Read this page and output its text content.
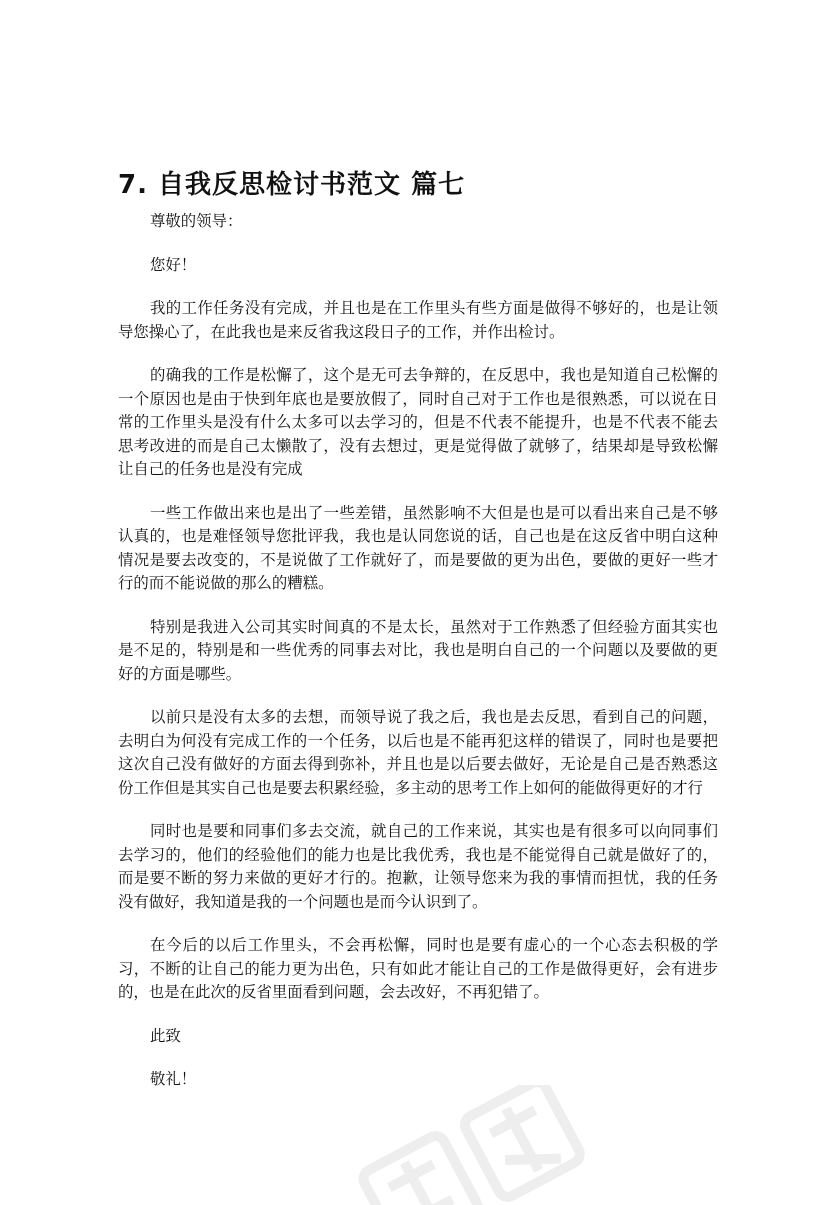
7. 自我反思检讨书范文 篇七

尊敬的领导：

您好！

我的工作任务没有完成，并且也是在工作里头有些方面是做得不够好的，也是让领导您操心了，在此我也是来反省我这段日子的工作，并作出检讨。

的确我的工作是松懈了，这个是无可去争辩的，在反思中，我也是知道自己松懈的一个原因也是由于快到年底也是要放假了，同时自己对于工作也是很熟悉，可以说在日常的工作里头是没有什么太多可以去学习的，但是不代表不能提升，也是不代表不能去思考改进的而是自己太懒散了，没有去想过，更是觉得做了就够了，结果却是导致松懈让自己的任务也是没有完成

一些工作做出来也是出了一些差错，虽然影响不大但是也是可以看出来自己是不够认真的，也是难怪领导您批评我，我也是认同您说的话，自己也是在这反省中明白这种情况是要去改变的，不是说做了工作就好了，而是要做的更为出色，要做的更好一些才行的而不能说做的那么的糟糕。

特别是我进入公司其实时间真的不是太长，虽然对于工作熟悉了但经验方面其实也是不足的，特别是和一些优秀的同事去对比，我也是明白自己的一个问题以及要做的更好的方面是哪些。

以前只是没有太多的去想，而领导说了我之后，我也是去反思，看到自己的问题，去明白为何没有完成工作的一个任务，以后也是不能再犯这样的错误了，同时也是要把这次自己没有做好的方面去得到弥补，并且也是以后要去做好，无论是自己是否熟悉这份工作但是其实自己也是要去积累经验，多主动的思考工作上如何的能做得更好的才行

同时也是要和同事们多去交流，就自己的工作来说，其实也是有很多可以向同事们去学习的，他们的经验他们的能力也是比我优秀，我也是不能觉得自己就是做好了的，而是要不断的努力来做的更好才行的。抱歉，让领导您来为我的事情而担忧，我的任务没有做好，我知道是我的一个问题也是而今认识到了。

在今后的以后工作里头，不会再松懈，同时也是要有虚心的一个心态去积极的学习，不断的让自己的能力更为出色，只有如此才能让自己的工作是做得更好，会有进步的，也是在此次的反省里面看到问题，会去改好，不再犯错了。

此致

敬礼！
